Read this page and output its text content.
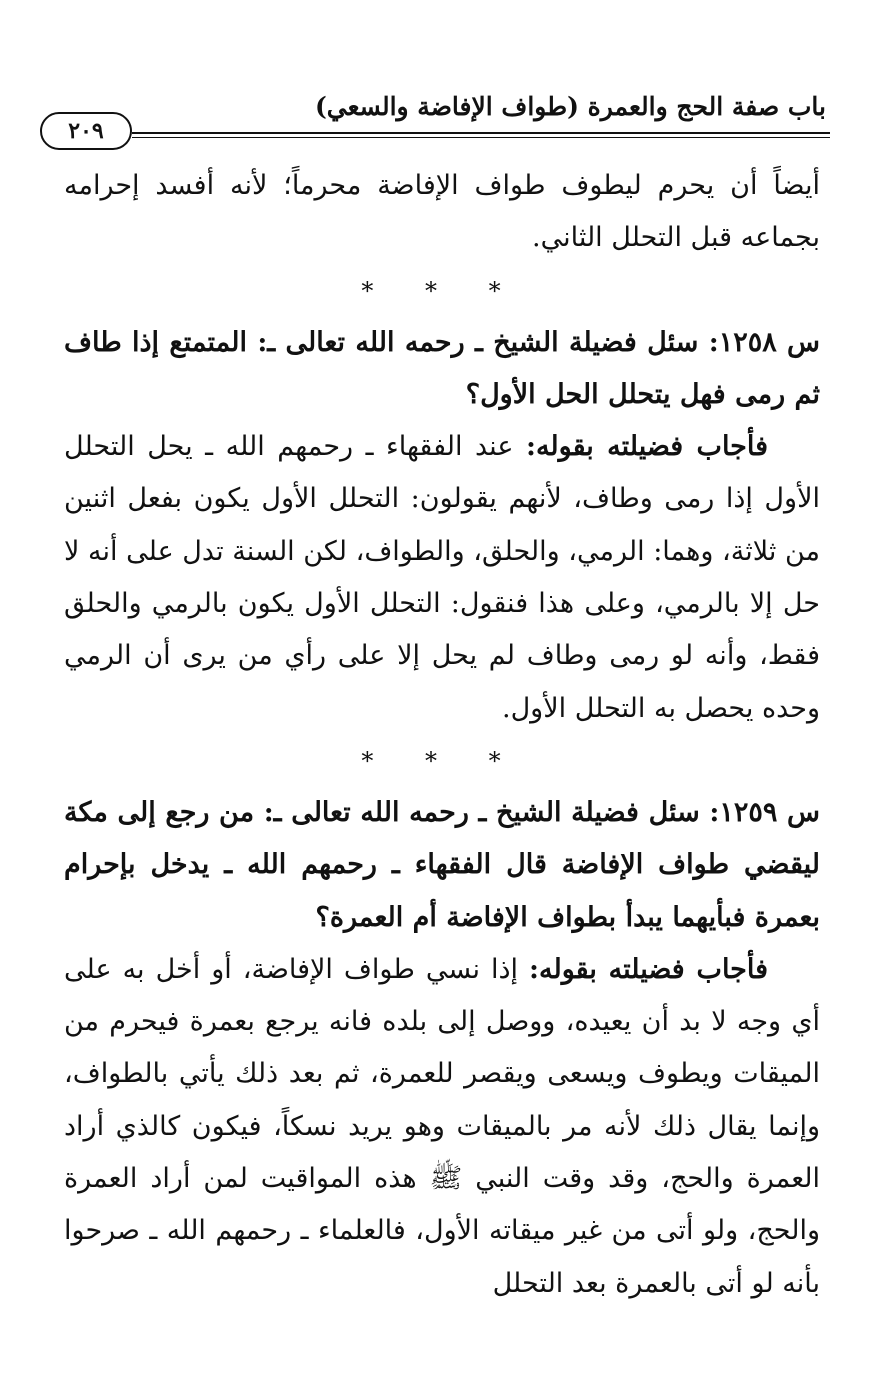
باب صفة الحج والعمرة (طواف الإفاضة والسعي)
٢٠٩

أيضاً أن يحرم ليطوف طواف الإفاضة محرماً؛ لأنه أفسد إحرامه بجماعه قبل التحلل الثاني.

* * *

س ١٢٥٨: سئل فضيلة الشيخ ـ رحمه الله تعالى ـ: المتمتع إذا طاف ثم رمى فهل يتحلل الحل الأول؟

فأجاب فضيلته بقوله: عند الفقهاء ـ رحمهم الله ـ يحل التحلل الأول إذا رمى وطاف، لأنهم يقولون: التحلل الأول يكون بفعل اثنين من ثلاثة، وهما: الرمي، والحلق، والطواف، لكن السنة تدل على أنه لا حل إلا بالرمي، وعلى هذا فنقول: التحلل الأول يكون بالرمي والحلق فقط، وأنه لو رمى وطاف لم يحل إلا على رأي من يرى أن الرمي وحده يحصل به التحلل الأول.

* * *

س ١٢٥٩: سئل فضيلة الشيخ ـ رحمه الله تعالى ـ: من رجع إلى مكة ليقضي طواف الإفاضة قال الفقهاء ـ رحمهم الله ـ يدخل بإحرام بعمرة فبأيهما يبدأ بطواف الإفاضة أم العمرة؟

فأجاب فضيلته بقوله: إذا نسي طواف الإفاضة، أو أخل به على أي وجه لا بد أن يعيده، ووصل إلى بلده فانه يرجع بعمرة فيحرم من الميقات ويطوف ويسعى ويقصر للعمرة، ثم بعد ذلك يأتي بالطواف، وإنما يقال ذلك لأنه مر بالميقات وهو يريد نسكاً، فيكون كالذي أراد العمرة والحج، وقد وقت النبي ﷺ هذه المواقيت لمن أراد العمرة والحج، ولو أتى من غير ميقاته الأول، فالعلماء ـ رحمهم الله ـ صرحوا بأنه لو أتى بالعمرة بعد التحلل
